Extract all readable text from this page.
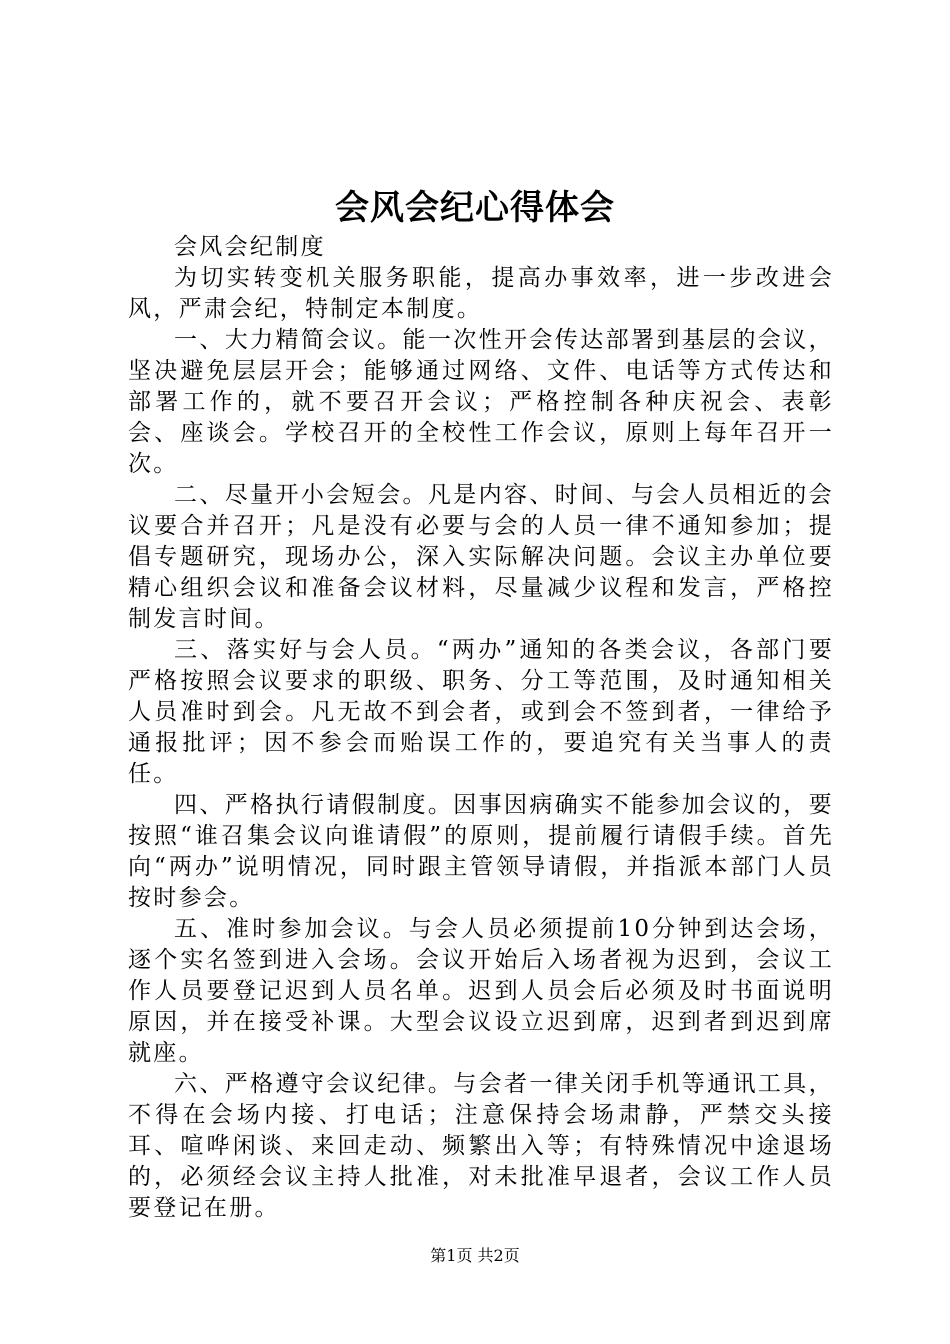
会风会纪心得体会

会风会纪制度

为切实转变机关服务职能，提高办事效率，进一步改进会风，严肃会纪，特制定本制度。

一、大力精简会议。能一次性开会传达部署到基层的会议，坚决避免层层开会；能够通过网络、文件、电话等方式传达和部署工作的，就不要召开会议；严格控制各种庆祝会、表彰会、座谈会。学校召开的全校性工作会议，原则上每年召开一次。

二、尽量开小会短会。凡是内容、时间、与会人员相近的会议要合并召开；凡是没有必要与会的人员一律不通知参加；提倡专题研究，现场办公，深入实际解决问题。会议主办单位要精心组织会议和准备会议材料，尽量减少议程和发言，严格控制发言时间。

三、落实好与会人员。“两办”通知的各类会议，各部门要严格按照会议要求的职级、职务、分工等范围，及时通知相关人员准时到会。凡无故不到会者，或到会不签到者，一律给予通报批评；因不参会而贻误工作的，要追究有关当事人的责任。

四、严格执行请假制度。因事因病确实不能参加会议的，要按照“谁召集会议向谁请假”的原则，提前履行请假手续。首先向“两办”说明情况，同时跟主管领导请假，并指派本部门人员按时参会。

五、准时参加会议。与会人员必须提前10分钟到达会场，逐个实名签到进入会场。会议开始后入场者视为迟到，会议工作人员要登记迟到人员名单。迟到人员会后必须及时书面说明原因，并在接受补课。大型会议设立迟到席，迟到者到迟到席就座。

六、严格遵守会议纪律。与会者一律关闭手机等通讯工具，不得在会场内接、打电话；注意保持会场肃静，严禁交头接耳、喧哗闲谈、来回走动、频繁出入等；有特殊情况中途退场的，必须经会议主持人批准，对未批准早退者，会议工作人员要登记在册。

第1页 共2页
